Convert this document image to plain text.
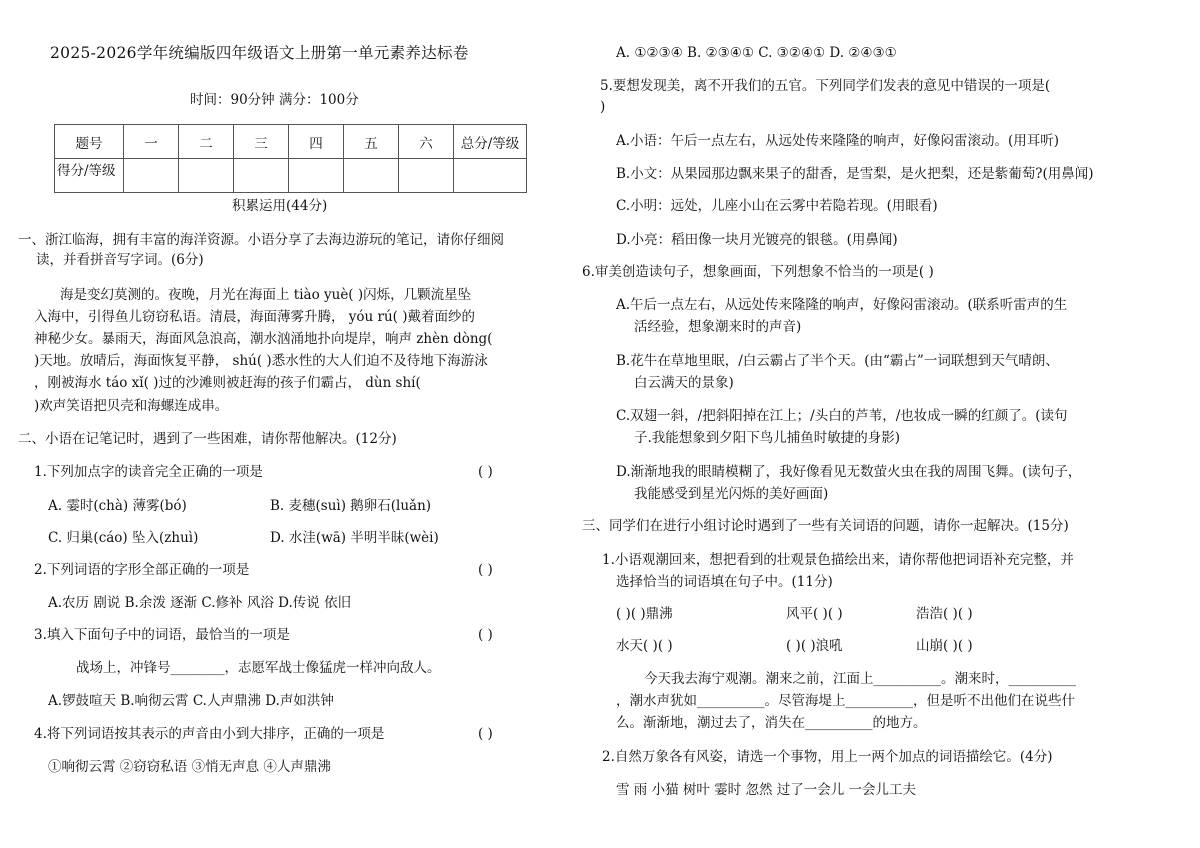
2025-2026学年统编版四年级语文上册第一单元素养达标卷
时间：90分钟 满分：100分
题号	一	二	三	四	五	六	总分/等级
得分/等级							
积累运用(44分)
一、浙江临海，拥有丰富的海洋资源。小语分享了去海边游玩的笔记，请你仔细阅
读，并看拼音写字词。(6分)
海是变幻莫测的。夜晚，月光在海面上 tiào yuè( )闪烁，几颗流星坠
入海中，引得鱼儿窃窃私语。清晨，海面薄雾升腾， yóu rú( )戴着面纱的
神秘少女。暴雨天，海面风急浪高，潮水汹涌地扑向堤岸，响声 zhèn dòng(
)天地。放晴后，海面恢复平静， shú( )悉水性的大人们迫不及待地下海游泳
，刚被海水 táo xǐ( )过的沙滩则被赶海的孩子们霸占， dùn shí(
)欢声笑语把贝壳和海螺连成串。
二、小语在记笔记时，遇到了一些困难，请你帮他解决。(12分)
1.下列加点字的读音完全正确的一项是	( )
A. 霎时(chà) 薄雾(bó)	B. 麦穗(suì) 鹅卵石(luǎn)
C. 归巢(cáo) 坠入(zhuì)	D. 水洼(wā) 半明半昧(wèi)
2.下列词语的字形全部正确的一项是	( )
A.农历 剧说 B.余泼 逐渐 C.修补 风浴 D.传说 依旧
3.填入下面句子中的词语，最恰当的一项是	( )
战场上，冲锋号________，志愿军战士像猛虎一样冲向敌人。
A.锣鼓喧天 B.响彻云霄 C.人声鼎沸 D.声如洪钟
4.将下列词语按其表示的声音由小到大排序，正确的一项是	( )
①响彻云霄 ②窃窃私语 ③悄无声息 ④人声鼎沸
A. ①②③④ B. ②③④① C. ③②④① D. ②④③①
5.要想发现美，离不开我们的五官。下列同学们发表的意见中错误的一项是(
)
A.小语：午后一点左右，从远处传来隆隆的响声，好像闷雷滚动。(用耳听)
B.小文：从果园那边飘来果子的甜香，是雪梨，是火把梨，还是紫葡萄?(用鼻闻)
C.小明：远处，儿座小山在云雾中若隐若现。(用眼看)
D.小亮：稻田像一块月光镀亮的银毯。(用鼻闻)
6.审美创造读句子，想象画面，下列想象不恰当的一项是( )
A.午后一点左右，从远处传来隆隆的响声，好像闷雷滚动。(联系听雷声的生
活经验，想象潮来时的声音)
B.花牛在草地里眠，/白云霸占了半个天。(由“霸占”一词联想到天气晴朗、
白云满天的景象)
C.双翅一斜，/把斜阳掉在江上；/头白的芦苇，/也妆成一瞬的红颜了。(读句
子.我能想象到夕阳下鸟儿捕鱼时敏捷的身影)
D.渐渐地我的眼睛模糊了，我好像看见无数萤火虫在我的周围飞舞。(读句子，
我能感受到星光闪烁的美好画面)
三、同学们在进行小组讨论时遇到了一些有关词语的问题，请你一起解决。(15分)
1.小语观潮回来，想把看到的壮观景色描绘出来，请你帮他把词语补充完整，并
选择恰当的词语填在句子中。(11分)
( )( )鼎沸	风平( )( )	浩浩( )( )
水天( )( )	( )( )浪吼	山崩( )( )
今天我去海宁观潮。潮来之前，江面上__________。潮来时，__________
，潮水声犹如__________。尽管海堤上__________，但是听不出他们在说些什
么。渐渐地，潮过去了，消失在__________的地方。
2.自然万象各有风姿，请选一个事物，用上一两个加点的词语描绘它。(4分)
雪 雨 小猫 树叶 霎时 忽然 过了一会儿 一会儿工夫
